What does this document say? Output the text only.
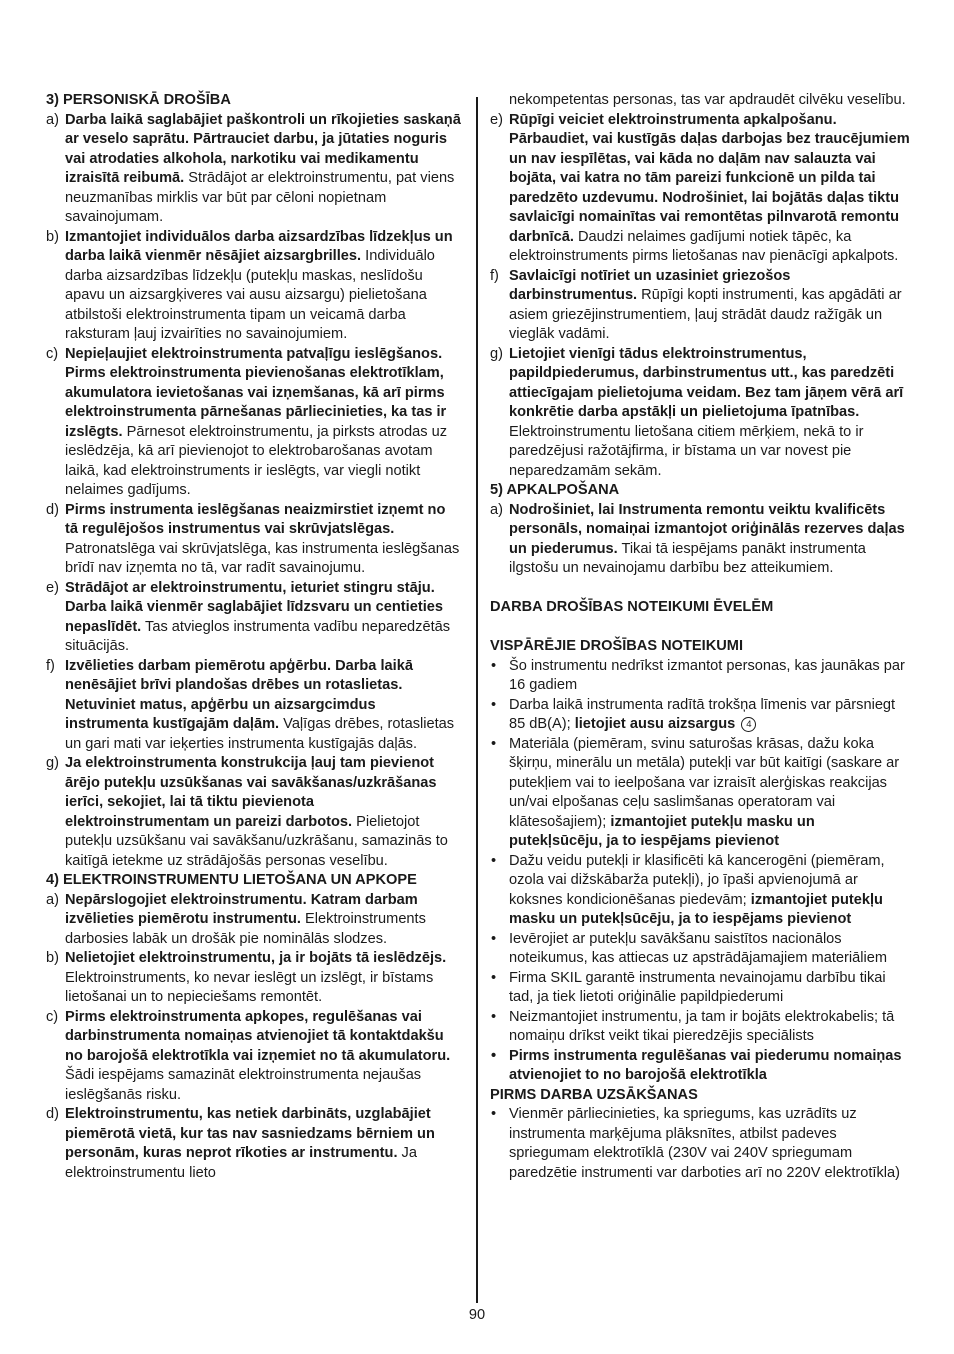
3) PERSONISKĀ DROŠĪBA
a) Darba laikā saglabājiet paškontroli un rīkojieties saskaņā ar veselo saprātu. Pārtrauciet darbu, ja jūtaties noguris vai atrodaties alkohola, narkotiku vai medikamentu izraisītā reibumā. Strādājot ar elektroinstrumentu, pat viens neuzmanības mirklis var būt par cēloni nopietnam savainojumam.
b) Izmantojiet individuālos darba aizsardzības līdzekļus un darba laikā vienmēr nēsājiet aizsargbrilles. Individuālo darba aizsardzības līdzekļu (putekļu maskas, neslīdošu apavu un aizsargķiveres vai ausu aizsargu) pielietošana atbilstoši elektroinstrumenta tipam un veicamā darba raksturam ļauj izvairīties no savainojumiem.
c) Nepieļaujiet elektroinstrumenta patvaļīgu ieslēgšanos. Pirms elektroinstrumenta pievienošanas elektrotīklam, akumulatora ievietošanas vai izņemšanas, kā arī pirms elektroinstrumenta pārnešanas pārliecinieties, ka tas ir izslēgts. Pārnesot elektroinstrumentu, ja pirksts atrodas uz ieslēdzēja, kā arī pievienojot to elektrobarošanas avotam laikā, kad elektroinstruments ir ieslēgts, var viegli notikt nelaimes gadījums.
d) Pirms instrumenta ieslēgšanas neaizmirstiet izņemt no tā regulējošos instrumentus vai skrūvjatslēgas. Patronatslēga vai skrūvjatslēga, kas instrumenta ieslēgšanas brīdī nav izņemta no tā, var radīt savainojumu.
e) Strādājot ar elektroinstrumentu, ieturiet stingru stāju. Darba laikā vienmēr saglabājiet līdzsvaru un centieties nepaslīdēt. Tas atvieglos instrumenta vadību neparedzētās situācijās.
f) Izvēlieties darbam piemērotu apģērbu. Darba laikā nenēsājiet brīvi plandošas drēbes un rotaslietas. Netuviniet matus, apģērbu un aizsargcimdus instrumenta kustīgajām daļām. Vaļīgas drēbes, rotaslietas un gari mati var ieķerties instrumenta kustīgajās daļās.
g) Ja elektroinstrumenta konstrukcija ļauj tam pievienot ārējo putekļu uzsūkšanas vai savākšanas/uzkrāšanas ierīci, sekojiet, lai tā tiktu pievienota elektroinstrumentam un pareizi darbotos. Pielietojot putekļu uzsūkšanu vai savākšanu/uzkrāšanu, samazinās to kaitīgā ietekme uz strādājošās personas veselību.
4) ELEKTROINSTRUMENTU LIETOŠANA UN APKOPE
a) Nepārslogojiet elektroinstrumentu. Katram darbam izvēlieties piemērotu instrumentu. Elektroinstruments darbosies labāk un drošāk pie nominālās slodzes.
b) Nelietojiet elektroinstrumentu, ja ir bojāts tā ieslēdzējs. Elektroinstruments, ko nevar ieslēgt un izslēgt, ir bīstams lietošanai un to nepieciešams remontēt.
c) Pirms elektroinstrumenta apkopes, regulēšanas vai darbinstrumenta nomaiņas atvienojiet tā kontaktdakšu no barojošā elektrotīkla vai izņemiet no tā akumulatoru. Šādi iespējams samazināt elektroinstrumenta nejaušas ieslēgšanās risku.
d) Elektroinstrumentu, kas netiek darbināts, uzglabājiet piemērotā vietā, kur tas nav sasniedzams bērniem un personām, kuras neprot rīkoties ar instrumentu. Ja elektroinstrumentu lieto
nekompetentas personas, tas var apdraudēt cilvēku veselību.
e) Rūpīgi veiciet elektroinstrumenta apkalpošanu. Pārbaudiet, vai kustīgās daļas darbojas bez traucējumiem un nav iespīlētas, vai kāda no daļām nav salauzta vai bojāta, vai katra no tām pareizi funkcionē un pilda tai paredzēto uzdevumu. Nodrošiniet, lai bojātās daļas tiktu savlaicīgi nomainītas vai remontētas pilnvarotā remontu darbnīcā. Daudzi nelaimes gadījumi notiek tāpēc, ka elektroinstruments pirms lietošanas nav pienācīgi apkalpots.
f) Savlaicīgi notīriet un uzasiniet griezošos darbinstrumentus. Rūpīgi kopti instrumenti, kas apgādāti ar asiem griezējinstrumentiem, ļauj strādāt daudz ražīgāk un vieglāk vadāmi.
g) Lietojiet vienīgi tādus elektroinstrumentus, papildpiederumus, darbinstrumentus utt., kas paredzēti attiecīgajam pielietojuma veidam. Bez tam jāņem vērā arī konkrētie darba apstākļi un pielietojuma īpatnības. Elektroinstrumentu lietošana citiem mērķiem, nekā to ir paredzējusi ražotājfirma, ir bīstama un var novest pie neparedzamām sekām.
5) APKALPOŠANA
a) Nodrošiniet, lai Instrumenta remontu veiktu kvalificēts personāls, nomaiņai izmantojot oriģinālās rezerves daļas un piederumus. Tikai tā iespējams panākt instrumenta ilgstošu un nevainojamu darbību bez atteikumiem.
DARBA DROŠĪBAS NOTEIKUMI ĒVELĒM
VISPĀRĒJIE DROŠĪBAS NOTEIKUMI
• Šo instrumentu nedrīkst izmantot personas, kas jaunākas par 16 gadiem
• Darba laikā instrumenta radītā trokšņa līmenis var pārsniegt 85 dB(A); lietojiet ausu aizsargus 4
• Materiāla (piemēram, svinu saturošas krāsas, dažu koka šķirņu, minerālu un metāla) putekļi var būt kaitīgi (saskare ar putekļiem vai to ieelpošana var izraisīt alerģiskas reakcijas un/vai elpošanas ceļu saslimšanas operatoram vai klātesošajiem); izmantojiet putekļu masku un putekļsūcēju, ja to iespējams pievienot
• Dažu veidu putekļi ir klasificēti kā kancerogēni (piemēram, ozola vai dižskābarža putekļi), jo īpaši apvienojumā ar koksnes kondicionēšanas piedevām; izmantojiet putekļu masku un putekļsūcēju, ja to iespējams pievienot
• Ievērojiet ar putekļu savākšanu saistītos nacionālos noteikumus, kas attiecas uz apstrādājamajiem materiāliem
• Firma SKIL garantē instrumenta nevainojamu darbību tikai tad, ja tiek lietoti oriģinālie papildpiederumi
• Neizmantojiet instrumentu, ja tam ir bojāts elektrokabelis; tā nomaiņu drīkst veikt tikai pieredzējis speciālists
• Pirms instrumenta regulēšanas vai piederumu nomaiņas atvienojiet to no barojošā elektrotīkla
PIRMS DARBA UZSĀKŠANAS
• Vienmēr pārliecinieties, ka spriegums, kas uzrādīts uz instrumenta marķējuma plāksnītes, atbilst padeves spriegumam elektrotīklā (230V vai 240V spriegumam paredzētie instrumenti var darboties arī no 220V elektrotīkla)
90
